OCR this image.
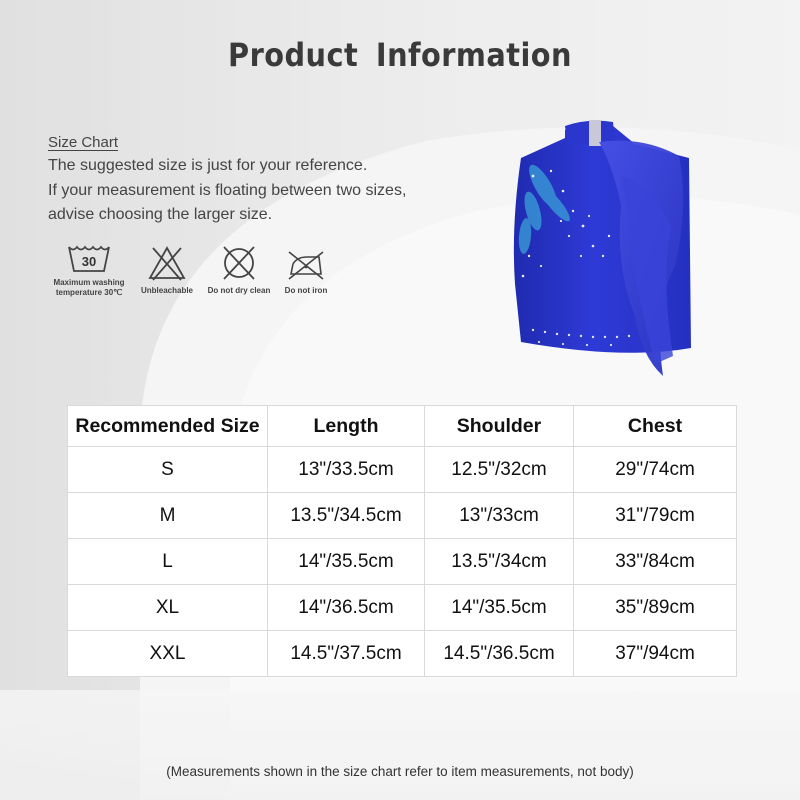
Product Information
Size Chart
The suggested size is just for your reference.
If your measurement is floating between two sizes,
advise choosing the larger size.
30
Maximum washing
temperature 30℃ Unbleachable Do not dry clean Do not iron
Recommended Size	Length	Shoulder	Chest
S	13"/33.5cm	12.5"/32cm	29"/74cm
M	13.5"/34.5cm	13"/33cm	31"/79cm
L	14"/35.5cm	13.5"/34cm	33"/84cm
XL	14"/36.5cm	14"/35.5cm	35"/89cm
XXL	14.5"/37.5cm	14.5"/36.5cm	37"/94cm
(Measurements shown in the size chart refer to item measurements, not body)
